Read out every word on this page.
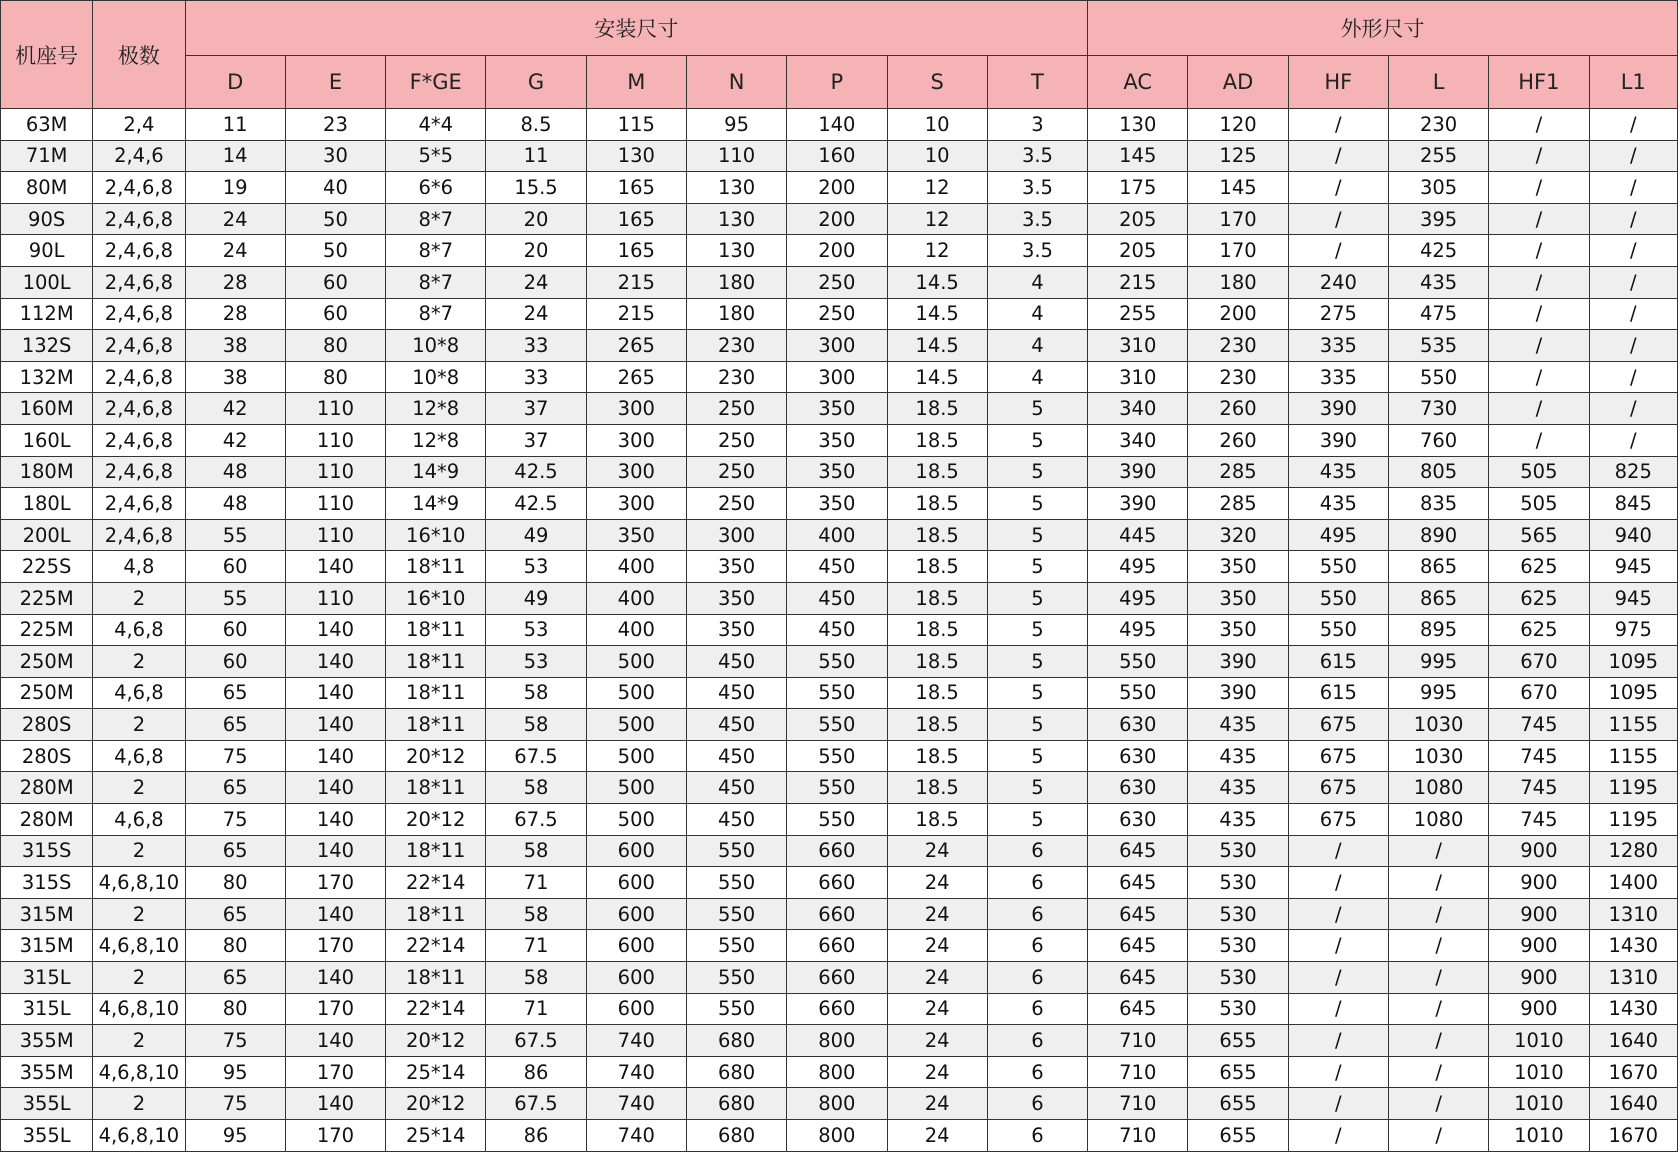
机座号	极数	安装尺寸									外形尺寸					
		D	E	F*GE	G	M	N	P	S	T	AC	AD	HF	L	HF1	L1
63M	2,4	11	23	4*4	8.5	115	95	140	10	3	130	120	/	230	/	/
71M	2,4,6	14	30	5*5	11	130	110	160	10	3.5	145	125	/	255	/	/
80M	2,4,6,8	19	40	6*6	15.5	165	130	200	12	3.5	175	145	/	305	/	/
90S	2,4,6,8	24	50	8*7	20	165	130	200	12	3.5	205	170	/	395	/	/
90L	2,4,6,8	24	50	8*7	20	165	130	200	12	3.5	205	170	/	425	/	/
100L	2,4,6,8	28	60	8*7	24	215	180	250	14.5	4	215	180	240	435	/	/
112M	2,4,6,8	28	60	8*7	24	215	180	250	14.5	4	255	200	275	475	/	/
132S	2,4,6,8	38	80	10*8	33	265	230	300	14.5	4	310	230	335	535	/	/
132M	2,4,6,8	38	80	10*8	33	265	230	300	14.5	4	310	230	335	550	/	/
160M	2,4,6,8	42	110	12*8	37	300	250	350	18.5	5	340	260	390	730	/	/
160L	2,4,6,8	42	110	12*8	37	300	250	350	18.5	5	340	260	390	760	/	/
180M	2,4,6,8	48	110	14*9	42.5	300	250	350	18.5	5	390	285	435	805	505	825
180L	2,4,6,8	48	110	14*9	42.5	300	250	350	18.5	5	390	285	435	835	505	845
200L	2,4,6,8	55	110	16*10	49	350	300	400	18.5	5	445	320	495	890	565	940
225S	4,8	60	140	18*11	53	400	350	450	18.5	5	495	350	550	865	625	945
225M	2	55	110	16*10	49	400	350	450	18.5	5	495	350	550	865	625	945
225M	4,6,8	60	140	18*11	53	400	350	450	18.5	5	495	350	550	895	625	975
250M	2	60	140	18*11	53	500	450	550	18.5	5	550	390	615	995	670	1095
250M	4,6,8	65	140	18*11	58	500	450	550	18.5	5	550	390	615	995	670	1095
280S	2	65	140	18*11	58	500	450	550	18.5	5	630	435	675	1030	745	1155
280S	4,6,8	75	140	20*12	67.5	500	450	550	18.5	5	630	435	675	1030	745	1155
280M	2	65	140	18*11	58	500	450	550	18.5	5	630	435	675	1080	745	1195
280M	4,6,8	75	140	20*12	67.5	500	450	550	18.5	5	630	435	675	1080	745	1195
315S	2	65	140	18*11	58	600	550	660	24	6	645	530	/	/	900	1280
315S	4,6,8,10	80	170	22*14	71	600	550	660	24	6	645	530	/	/	900	1400
315M	2	65	140	18*11	58	600	550	660	24	6	645	530	/	/	900	1310
315M	4,6,8,10	80	170	22*14	71	600	550	660	24	6	645	530	/	/	900	1430
315L	2	65	140	18*11	58	600	550	660	24	6	645	530	/	/	900	1310
315L	4,6,8,10	80	170	22*14	71	600	550	660	24	6	645	530	/	/	900	1430
355M	2	75	140	20*12	67.5	740	680	800	24	6	710	655	/	/	1010	1640
355M	4,6,8,10	95	170	25*14	86	740	680	800	24	6	710	655	/	/	1010	1670
355L	2	75	140	20*12	67.5	740	680	800	24	6	710	655	/	/	1010	1640
355L	4,6,8,10	95	170	25*14	86	740	680	800	24	6	710	655	/	/	1010	1670
